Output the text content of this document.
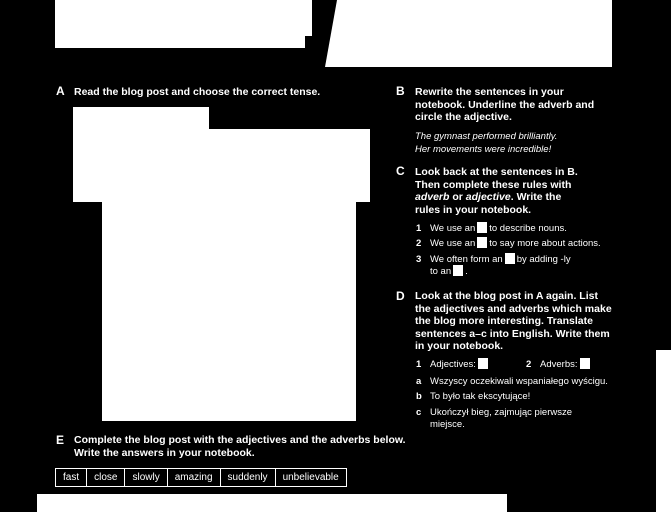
A Read the blog post and choose the correct tense.	B Rewrite the sentences in your notebook. Underline the adverb and circle the adjective.
The gymnast performed brilliantly.
Her movements were incredible!
C Look back at the sentences in B. Then complete these rules with adverb or adjective. Write the rules in your notebook.
1 We use an to describe nouns.
2 We use an to say more about actions.
3 We often form an by adding -ly
to an .
D Look at the blog post in A again. List the adjectives and adverbs which make the blog more interesting. Translate sentences a–c into English. Write them in your notebook.
1 Adjectives:	2 Adverbs:
a Wszyscy oczekiwali wspaniałego wyścigu.
b To było tak ekscytujące!
c Ukończył bieg, zajmując pierwsze miejsce.
E Complete the blog post with the adjectives and the adverbs below. Write the answers in your notebook.
fast	close	slowly	amazing	suddenly	unbelievable
